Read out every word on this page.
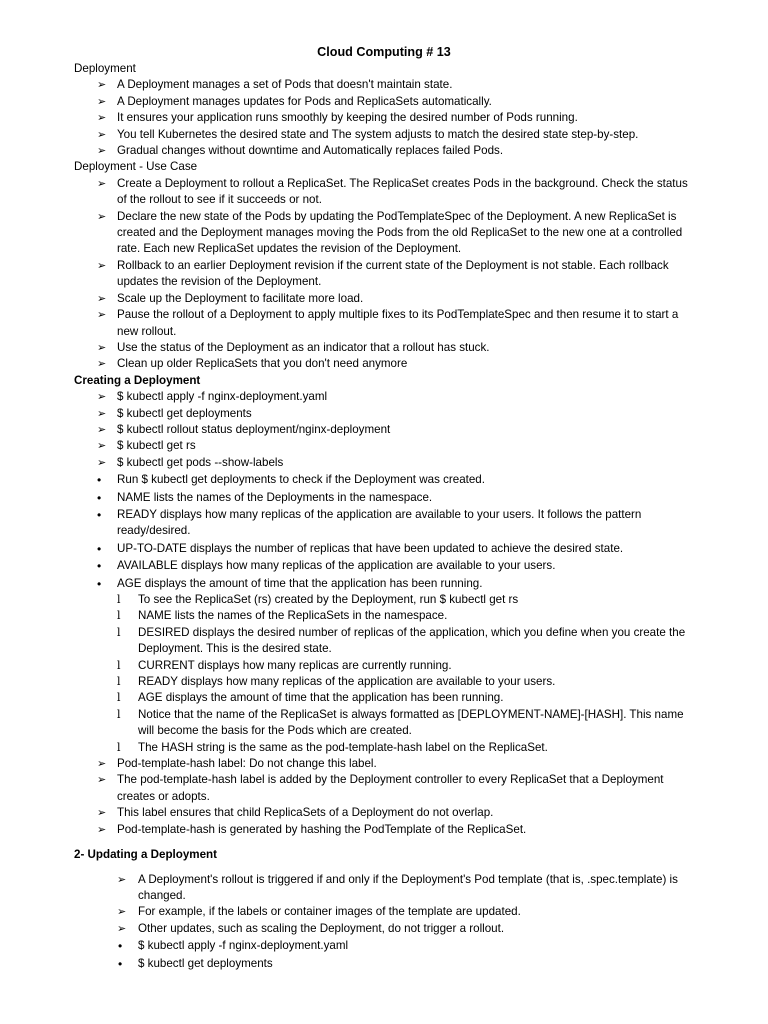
Cloud Computing # 13

Deployment

➢ A Deployment manages a set of Pods that doesn't maintain state.
➢ A Deployment manages updates for Pods and ReplicaSets automatically.
➢ It ensures your application runs smoothly by keeping the desired number of Pods running.
➢ You tell Kubernetes the desired state and The system adjusts to match the desired state step-by-step.
➢ Gradual changes without downtime and Automatically replaces failed Pods.

Deployment - Use Case

➢ Create a Deployment to rollout a ReplicaSet. The ReplicaSet creates Pods in the background. Check the status of the rollout to see if it succeeds or not.
➢ Declare the new state of the Pods by updating the PodTemplateSpec of the Deployment. A new ReplicaSet is created and the Deployment manages moving the Pods from the old ReplicaSet to the new one at a controlled rate. Each new ReplicaSet updates the revision of the Deployment.
➢ Rollback to an earlier Deployment revision if the current state of the Deployment is not stable. Each rollback updates the revision of the Deployment.
➢ Scale up the Deployment to facilitate more load.
➢ Pause the rollout of a Deployment to apply multiple fixes to its PodTemplateSpec and then resume it to start a new rollout.
➢ Use the status of the Deployment as an indicator that a rollout has stuck.
➢ Clean up older ReplicaSets that you don't need anymore

Creating a Deployment

➢ $ kubectl apply -f nginx-deployment.yaml
➢ $ kubectl get deployments
➢ $ kubectl rollout status deployment/nginx-deployment
➢ $ kubectl get rs
➢ $ kubectl get pods --show-labels
• Run $ kubectl get deployments to check if the Deployment was created.
• NAME lists the names of the Deployments in the namespace.
• READY displays how many replicas of the application are available to your users. It follows the pattern ready/desired.
• UP-TO-DATE displays the number of replicas that have been updated to achieve the desired state.
• AVAILABLE displays how many replicas of the application are available to your users.
• AGE displays the amount of time that the application has been running.
l To see the ReplicaSet (rs) created by the Deployment, run $ kubectl get rs
l NAME lists the names of the ReplicaSets in the namespace.
l DESIRED displays the desired number of replicas of the application, which you define when you create the Deployment. This is the desired state.
l CURRENT displays how many replicas are currently running.
l READY displays how many replicas of the application are available to your users.
l AGE displays the amount of time that the application has been running.
l Notice that the name of the ReplicaSet is always formatted as [DEPLOYMENT-NAME]-[HASH]. This name will become the basis for the Pods which are created.
l The HASH string is the same as the pod-template-hash label on the ReplicaSet.
➢ Pod-template-hash label: Do not change this label.
➢ The pod-template-hash label is added by the Deployment controller to every ReplicaSet that a Deployment creates or adopts.
➢ This label ensures that child ReplicaSets of a Deployment do not overlap.
➢ Pod-template-hash is generated by hashing the PodTemplate of the ReplicaSet.

2- Updating a Deployment

➢ A Deployment's rollout is triggered if and only if the Deployment's Pod template (that is, .spec.template) is changed.
➢ For example, if the labels or container images of the template are updated.
➢ Other updates, such as scaling the Deployment, do not trigger a rollout.
• $ kubectl apply -f nginx-deployment.yaml
• $ kubectl get deployments
